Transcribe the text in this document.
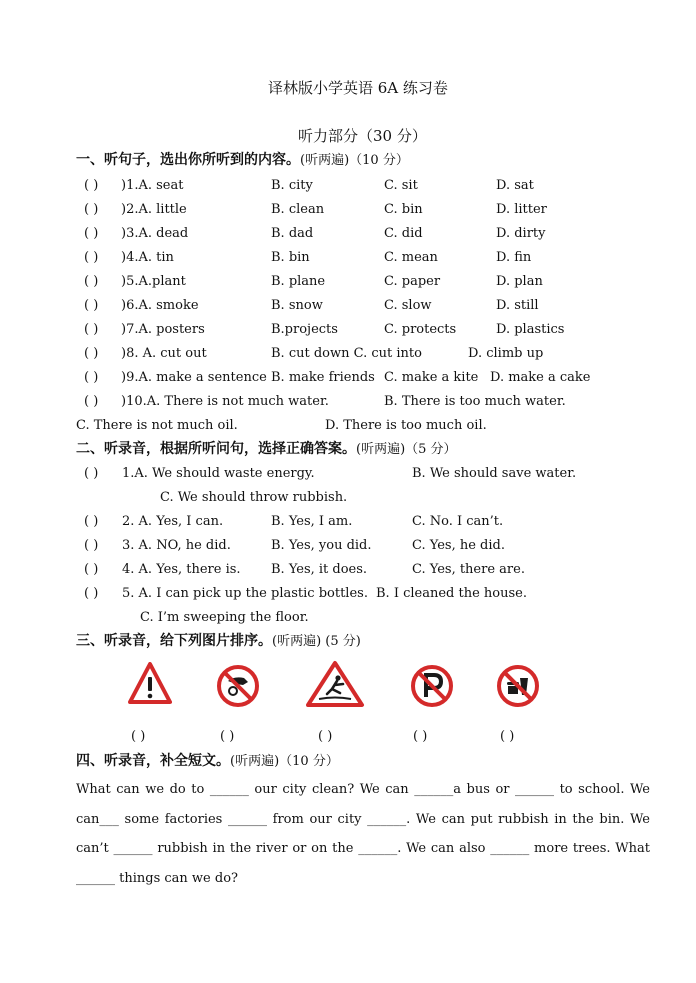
译林版小学英语 6A 练习卷
听力部分（30 分）
一、听句子，选出你所听到的内容。(听两遍)（10 分）
( ) )1.A. seat	B. city	C. sit	D. sat
( ) )2.A. little	B. clean	C. bin	D. litter
( ) )3.A. dead	B. dad	C. did	D. dirty
( ) )4.A. tin	B. bin	C. mean	D. fin
( ) )5.A.plant	B. plane	C. paper	D. plan
( ) )6.A. smoke	B. snow	C. slow	D. still
( ) )7.A. posters	B.projects	C. protects	D. plastics
( ) )8. A. cut out	B. cut down C. cut into	D. climb up
( ) )9.A. make a sentence B. make friends C. make a kite D. make a cake
( ) )10.A. There is not much water.	B. There is too much water.
C. There is not much oil.	D. There is too much oil.
二、听录音，根据所听问句，选择正确答案。(听两遍)（5 分）
( ) 1.A. We should waste energy.	B. We should save water.
C. We should throw rubbish.
( ) 2. A. Yes, I can.	B. Yes, I am.	C. No. I can’t.
( ) 3. A. NO, he did.	B. Yes, you did.	C. Yes, he did.
( ) 4. A. Yes, there is. B. Yes, it does.	C. Yes, there are.
( ) 5. A. I can pick up the plastic bottles. B. I cleaned the house.
C. I’m sweeping the floor.
三、听录音，给下列图片排序。(听两遍) (5 分)
( )	( )	( )	( )	( )
四、听录音，补全短文。(听两遍)（10 分）
What can we do to ______ our city clean? We can ______a bus or ______ to school. We can___ some factories ______ from our city ______. We can put rubbish in the bin. We can’t ______ rubbish in the river or on the ______. We can also ______ more trees. What ______ things can we do?
